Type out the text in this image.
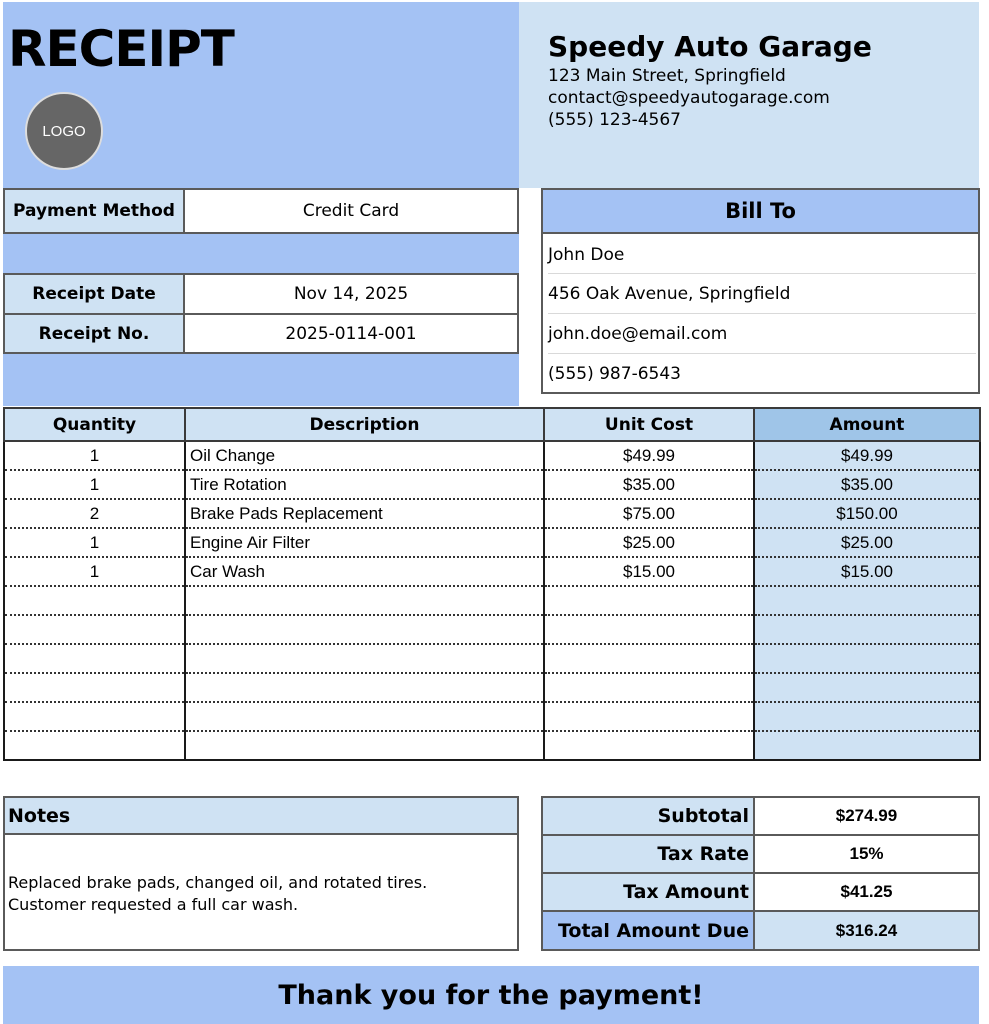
RECEIPT
LOGO
Speedy Auto Garage
123 Main Street, Springfield
contact@speedyautogarage.com
(555) 123-4567
Payment Method	Credit Card
Receipt Date	Nov 14, 2025
Receipt No.	2025-0114-001
Bill To
John Doe
456 Oak Avenue, Springfield
john.doe@email.com
(555) 987-6543
Quantity	Description	Unit Cost	Amount
1	Oil Change	$49.99	$49.99
1	Tire Rotation	$35.00	$35.00
2	Brake Pads Replacement	$75.00	$150.00
1	Engine Air Filter	$25.00	$25.00
1	Car Wash	$15.00	$15.00

Notes
Replaced brake pads, changed oil, and rotated tires.
Customer requested a full car wash.
Subtotal	$274.99
Tax Rate	15%
Tax Amount	$41.25
Total Amount Due	$316.24
Thank you for the payment!
